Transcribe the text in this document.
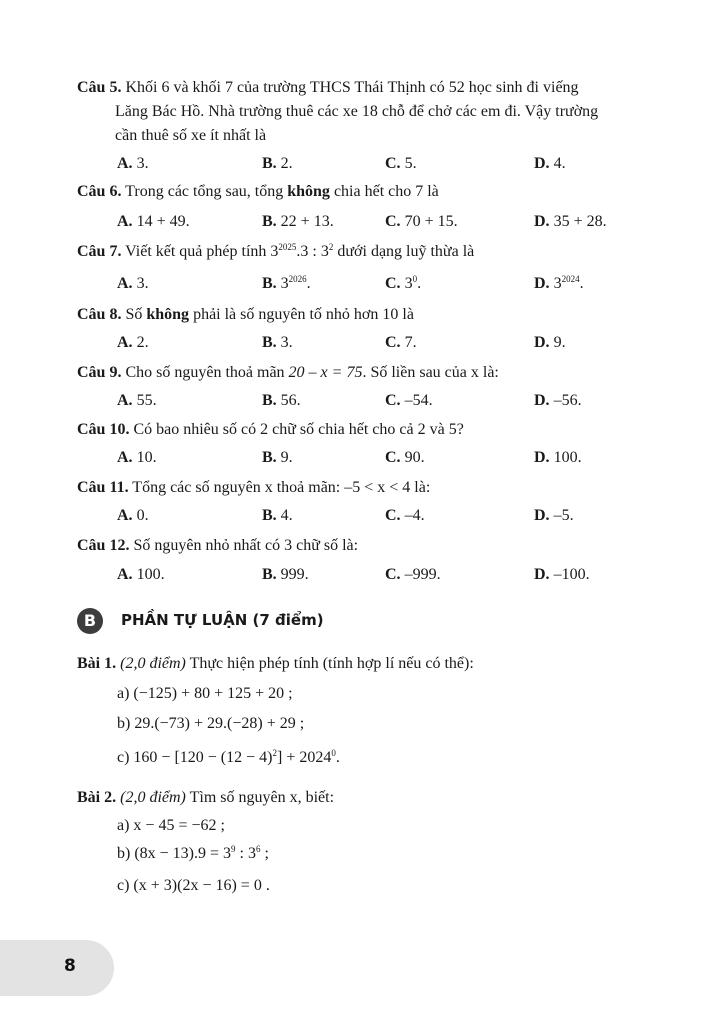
Câu 5. Khối 6 và khối 7 của trường THCS Thái Thịnh có 52 học sinh đi viếng
Lăng Bác Hồ. Nhà trường thuê các xe 18 chỗ để chở các em đi. Vậy trường
cần thuê số xe ít nhất là
A. 3.	B. 2.	C. 5.	D. 4.
Câu 6. Trong các tổng sau, tổng không chia hết cho 7 là
A. 14 + 49.	B. 22 + 13.	C. 70 + 15.	D. 35 + 28.
Câu 7. Viết kết quả phép tính $3^{2025}.3$ : $3^2$ dưới dạng luỹ thừa là
A. 3.	B. $3^{2026}$.	C. $3^0$.	D. $3^{2024}$.
Câu 8. Số không phải là số nguyên tố nhỏ hơn 10 là
A. 2.	B. 3.	C. 7.	D. 9.
Câu 9. Cho số nguyên thoả mãn 20 – x = 75. Số liền sau của x là:
A. 55.	B. 56.	C. –54.	D. –56.
Câu 10. Có bao nhiêu số có 2 chữ số chia hết cho cả 2 và 5?
A. 10.	B. 9.	C. 90.	D. 100.
Câu 11. Tổng các số nguyên x thoả mãn: –5 < x < 4 là:
A. 0.	B. 4.	C. –4.	D. –5.
Câu 12. Số nguyên nhỏ nhất có 3 chữ số là:
A. 100.	B. 999.	C. –999.	D. –100.
B	PHẦN TỰ LUẬN (7 điểm)
Bài 1. (2,0 điểm) Thực hiện phép tính (tính hợp lí nếu có thể):
a) (−125) + 80 + 125 + 20 ;
b) 29.(−73) + 29.(−28) + 29 ;
c) $160 - [120 - (12 - 4)^2] + 2024^0$.
Bài 2. (2,0 điểm) Tìm số nguyên x, biết:
a) x − 45 = −62 ;
b) $(8x - 13).9 = 3^9$ : $3^6$ ;
c) (x + 3)(2x − 16) = 0 .
8
